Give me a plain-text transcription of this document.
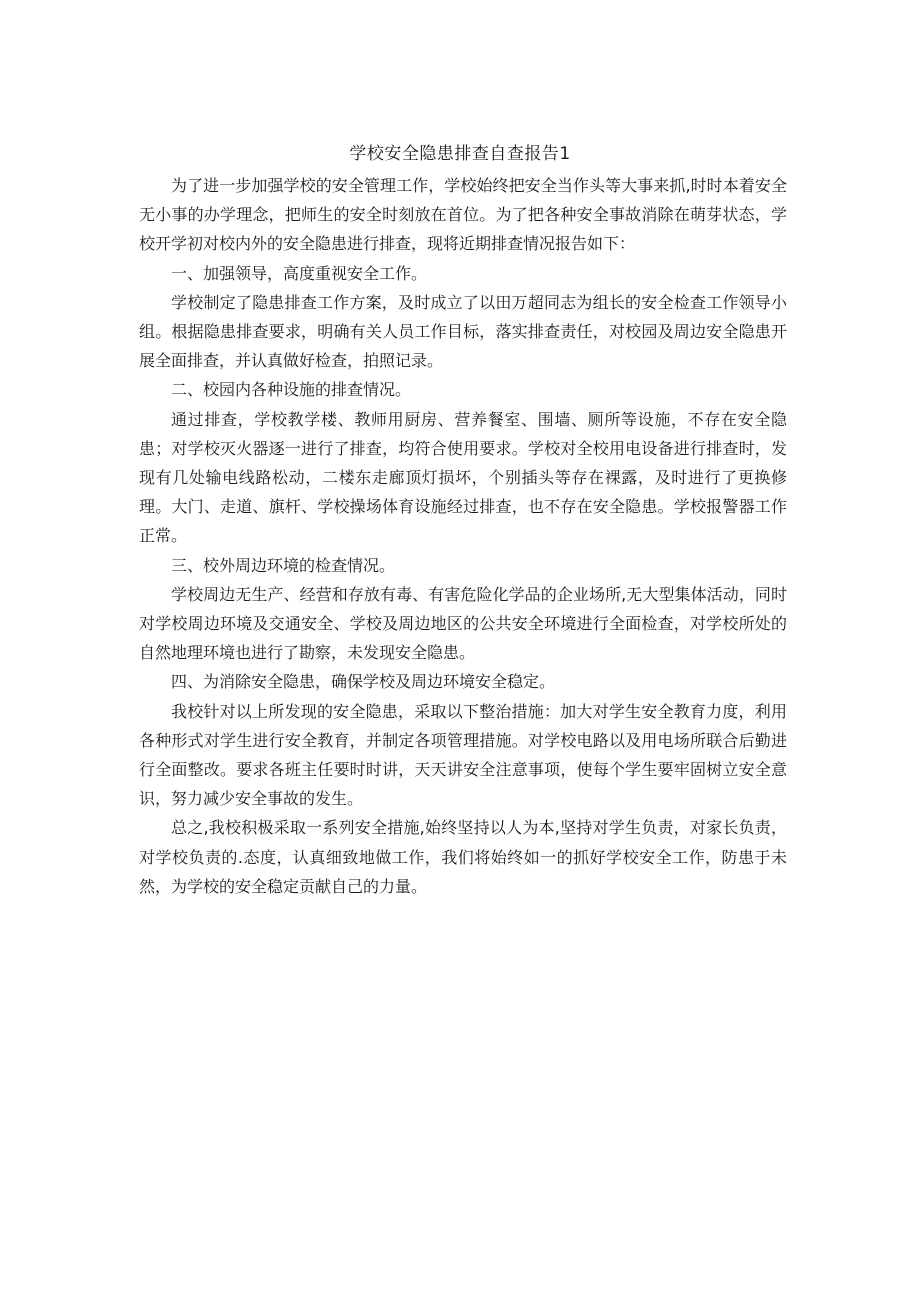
学校安全隐患排查自查报告1

为了进一步加强学校的安全管理工作，学校始终把安全当作头等大事来抓,时时本着安全无小事的办学理念，把师生的安全时刻放在首位。为了把各种安全事故消除在萌芽状态，学校开学初对校内外的安全隐患进行排查，现将近期排查情况报告如下：

一、加强领导，高度重视安全工作。

学校制定了隐患排查工作方案，及时成立了以田万超同志为组长的安全检查工作领导小组。根据隐患排查要求，明确有关人员工作目标，落实排查责任，对校园及周边安全隐患开展全面排查，并认真做好检查，拍照记录。

二、校园内各种设施的排查情况。

通过排查，学校教学楼、教师用厨房、营养餐室、围墙、厕所等设施，不存在安全隐患；对学校灭火器逐一进行了排查，均符合使用要求。学校对全校用电设备进行排查时，发现有几处输电线路松动，二楼东走廊顶灯损坏，个别插头等存在裸露，及时进行了更换修理。大门、走道、旗杆、学校操场体育设施经过排查，也不存在安全隐患。学校报警器工作正常。

三、校外周边环境的检查情况。

学校周边无生产、经营和存放有毒、有害危险化学品的企业场所,无大型集体活动，同时对学校周边环境及交通安全、学校及周边地区的公共安全环境进行全面检查，对学校所处的自然地理环境也进行了勘察，未发现安全隐患。

四、为消除安全隐患，确保学校及周边环境安全稳定。

我校针对以上所发现的安全隐患，采取以下整治措施：加大对学生安全教育力度，利用各种形式对学生进行安全教育，并制定各项管理措施。对学校电路以及用电场所联合后勤进行全面整改。要求各班主任要时时讲，天天讲安全注意事项，使每个学生要牢固树立安全意识，努力减少安全事故的发生。

总之,我校积极采取一系列安全措施,始终坚持以人为本,坚持对学生负责，对家长负责，对学校负责的.态度，认真细致地做工作，我们将始终如一的抓好学校安全工作，防患于未然，为学校的安全稳定贡献自己的力量。
